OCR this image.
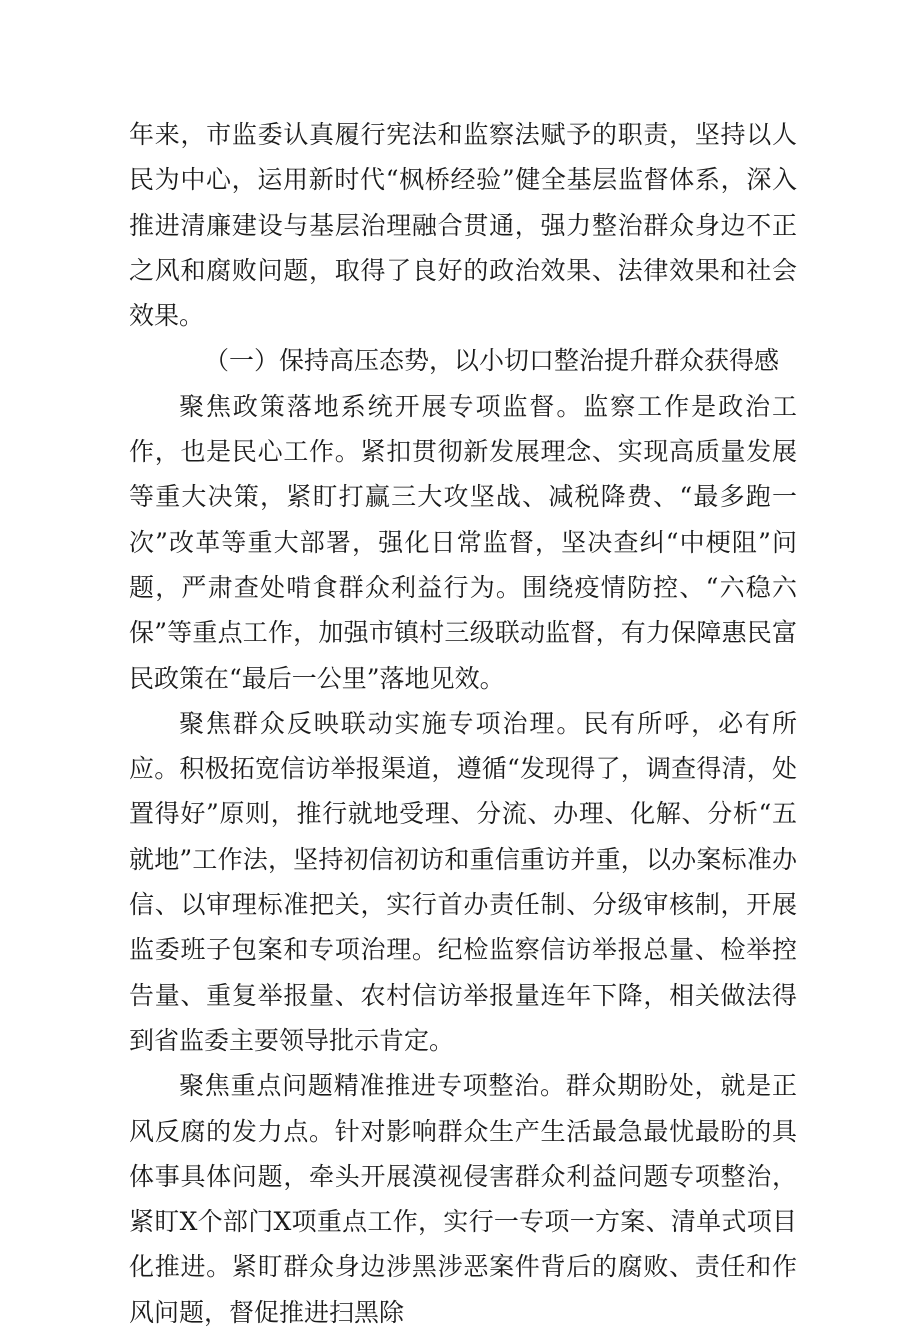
年来，市监委认真履行宪法和监察法赋予的职责，坚持以人民为中心，运用新时代“枫桥经验”健全基层监督体系，深入推进清廉建设与基层治理融合贯通，强力整治群众身边不正之风和腐败问题，取得了良好的政治效果、法律效果和社会效果。

（一）保持高压态势，以小切口整治提升群众获得感

聚焦政策落地系统开展专项监督。监察工作是政治工作，也是民心工作。紧扣贯彻新发展理念、实现高质量发展等重大决策，紧盯打赢三大攻坚战、减税降费、“最多跑一次”改革等重大部署，强化日常监督，坚决查纠“中梗阻”问题，严肃查处啃食群众利益行为。围绕疫情防控、“六稳六保”等重点工作，加强市镇村三级联动监督，有力保障惠民富民政策在“最后一公里”落地见效。

聚焦群众反映联动实施专项治理。民有所呼，必有所应。积极拓宽信访举报渠道，遵循“发现得了，调查得清，处置得好”原则，推行就地受理、分流、办理、化解、分析“五就地”工作法，坚持初信初访和重信重访并重，以办案标准办信、以审理标准把关，实行首办责任制、分级审核制，开展监委班子包案和专项治理。纪检监察信访举报总量、检举控告量、重复举报量、农村信访举报量连年下降，相关做法得到省监委主要领导批示肯定。

聚焦重点问题精准推进专项整治。群众期盼处，就是正风反腐的发力点。针对影响群众生产生活最急最忧最盼的具体事具体问题，牵头开展漠视侵害群众利益问题专项整治，紧盯X个部门X项重点工作，实行一专项一方案、清单式项目化推进。紧盯群众身边涉黑涉恶案件背后的腐败、责任和作风问题，督促推进扫黑除
